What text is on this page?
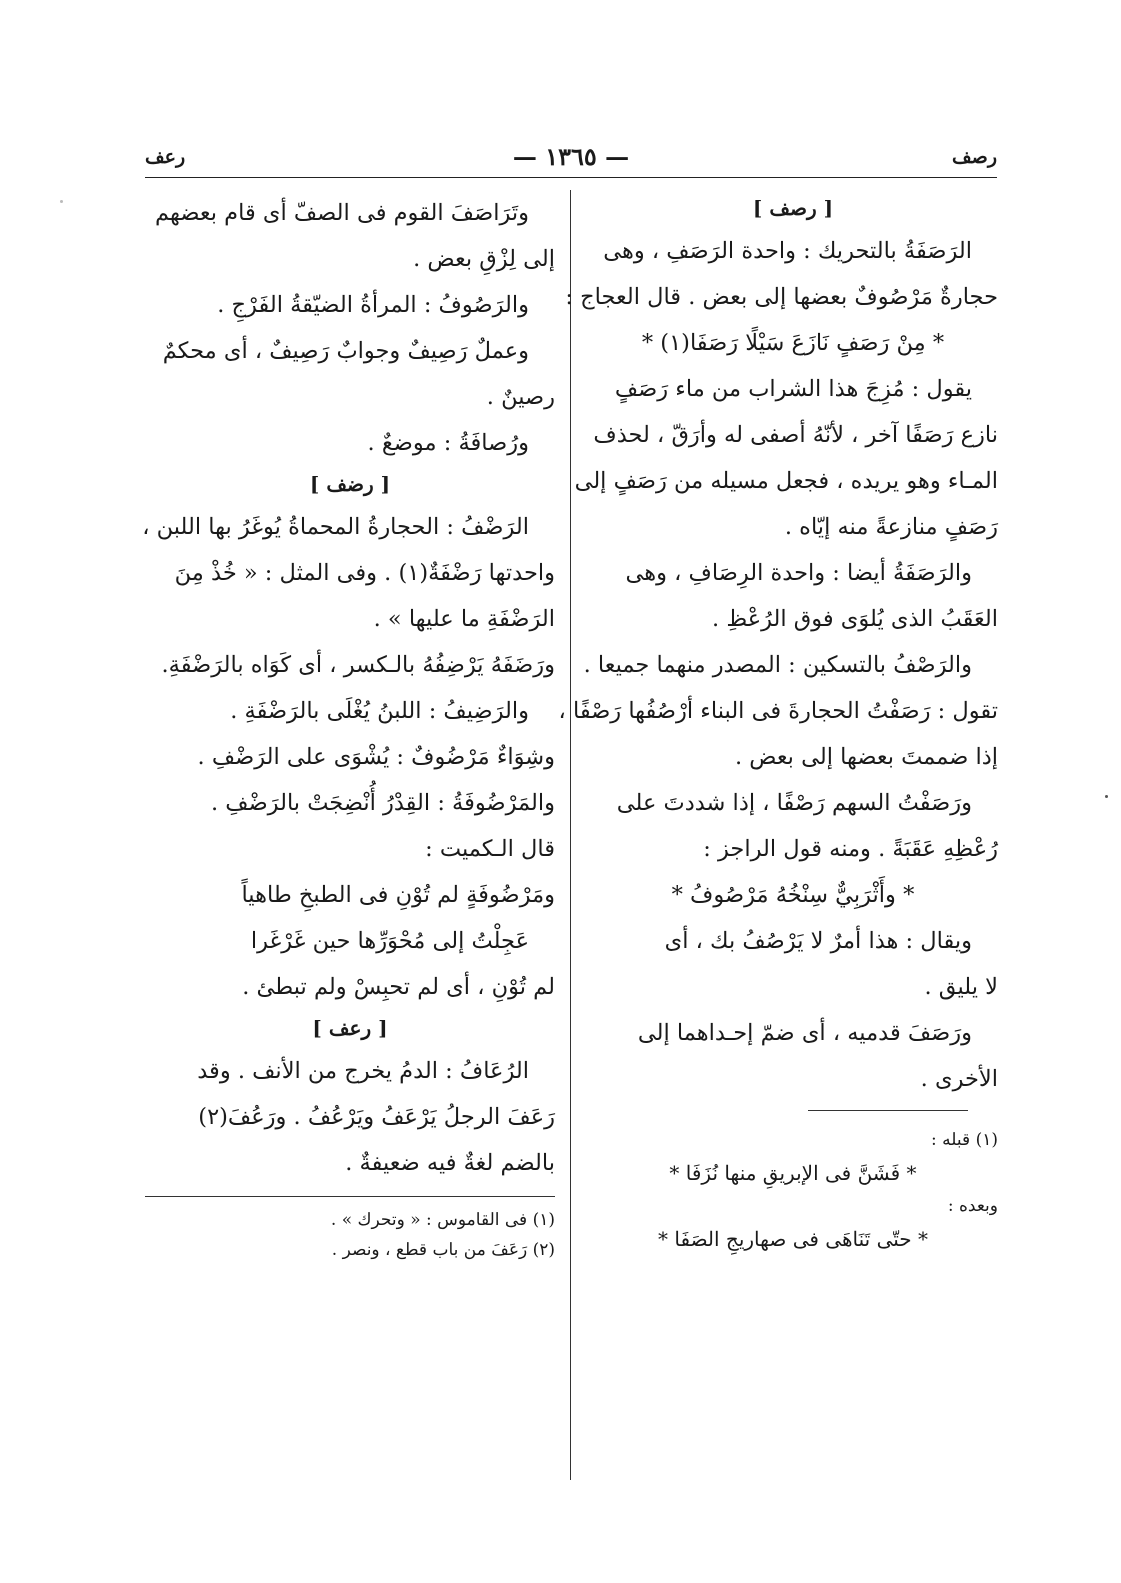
رصف
— ١٣٦٥ —
رعف
[ رصف ]
الرَصَفَةُ بالتحريك : واحدة الرَصَفِ ، وهى
حجارةٌ مَرْصُوفٌ بعضها إلى بعض . قال العجاج :
* مِنْ رَصَفٍ نَازَعَ سَيْلًا رَصَفَا(١) *
يقول : مُزِجَ هذا الشراب من ماء رَصَفٍ
نازع رَصَفًا آخر ، لأنّهُ أصفى له وأرَقّ ، لحذف
المـاء وهو يريده ، فجعل مسيله من رَصَفٍ إلى
رَصَفٍ منازعةً منه إيّاه .
والرَصَفَةُ أيضا : واحدة الرِصَافِ ، وهى
العَقَبُ الذى يُلوَى فوق الرُعْظِ .
والرَصْفُ بالتسكين : المصدر منهما جميعا .
تقول : رَصَفْتُ الحجارةَ فى البناء أرْصُفُها رَصْفًا ،
إذا ضممتَ بعضها إلى بعض .
ورَصَفْتُ السهم رَصْفًا ، إذا شددتَ على
رُعْظِهِ عَقَبَةً . ومنه قول الراجز :
* وأَثْرَبِيٌّ سِنْخُهُ مَرْصُوفُ *
ويقال : هذا أمرٌ لا يَرْصُفُ بك ، أى
لا يليق .
ورَصَفَ قدميه ، أى ضمّ إحـداهما إلى
الأخرى .
(١) قبله :
* فَشَنَّ فى الإبريقِ منها نُزَفَا *
وبعده :
* حتّى تَنَاهَى فى صهاريجِ الصَفَا *
وتَرَاصَفَ القوم فى الصفّ أى قام بعضهم
إلى لِزْقِ بعض .
والرَصُوفُ : المرأةُ الضيّقةُ الفَرْجِ .
وعملٌ رَصِيفٌ وجوابٌ رَصِيفٌ ، أى محكمٌ
رصينٌ .
ورُصافَةُ : موضعٌ .
[ رضف ]
الرَضْفُ : الحجارةُ المحماةُ يُوغَرُ بها اللبن ،
واحدتها رَضْفَةٌ(١) . وفى المثل : « خُذْ مِنَ
الرَضْفَةِ ما عليها » .
ورَضَفَهُ يَرْضِفُهُ بالـكسر ، أى كَوَاه بالرَضْفَةِ.
والرَضِيفُ : اللبنُ يُغْلَى بالرَضْفَةِ .
وشِوَاءٌ مَرْضُوفٌ : يُشْوَى على الرَضْفِ .
والمَرْضُوفَةُ : القِدْرُ أُنْضِجَتْ بالرَضْفِ .
قال الـكميت :
ومَرْضُوفَةٍ لم تُوْنِ فى الطبخِ طاهياً
عَجِلْتُ إلى مُحْوَرِّها حين غَرْغَرا
لم تُوْنِ ، أى لم تحبِسْ ولم تبطئ .
[ رعف ]
الرُعَافُ : الدمُ يخرج من الأنف . وقد
رَعَفَ الرجلُ يَرْعَفُ ويَرْعُفُ . ورَعُفَ(٢)
بالضم لغةٌ فيه ضعيفةٌ .
(١) فى القاموس : « وتحرك » .
(٢) رَعَفَ من باب قطع ، ونصر .
